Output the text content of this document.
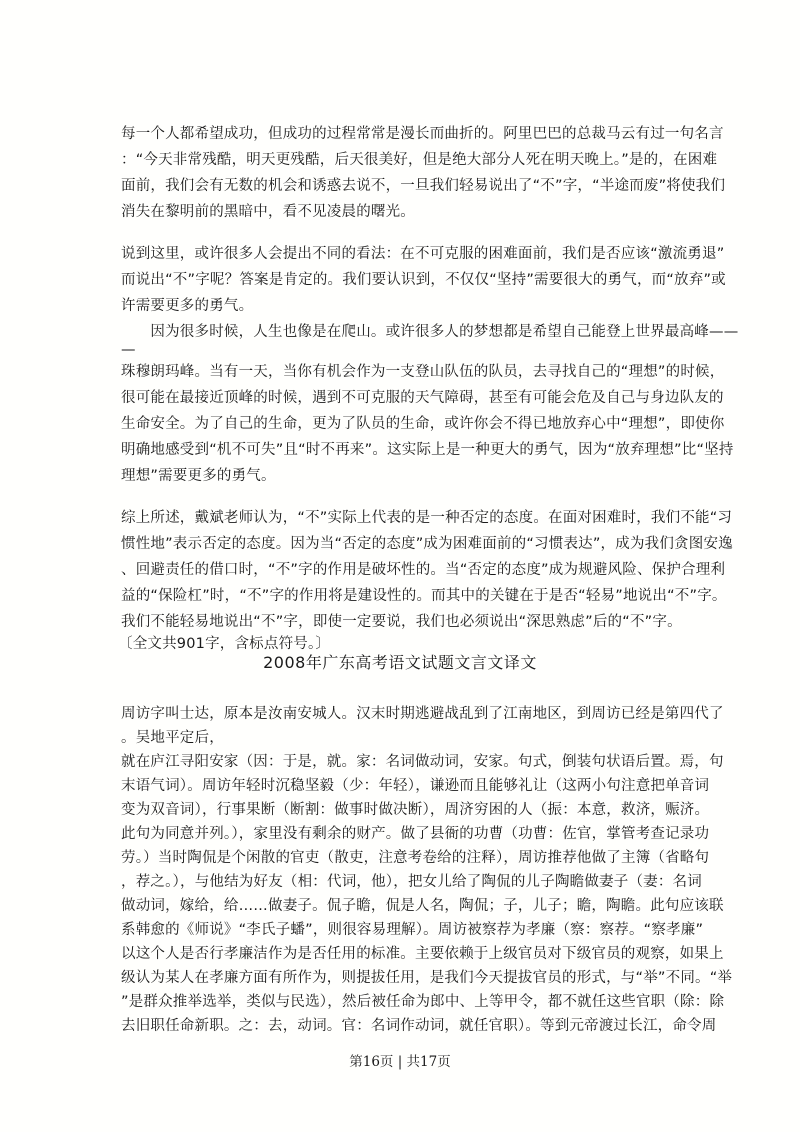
每一个人都希望成功，但成功的过程常常是漫长而曲折的。阿里巴巴的总裁马云有过一句名言
：“今天非常残酷，明天更残酷，后天很美好，但是绝大部分人死在明天晚上。”是的，在困难
面前，我们会有无数的机会和诱惑去说不，一旦我们轻易说出了“不”字，“半途而废”将使我们
消失在黎明前的黑暗中，看不见凌晨的曙光。
说到这里，或许很多人会提出不同的看法：在不可克服的困难面前，我们是否应该“激流勇退”
而说出“不”字呢？答案是肯定的。我们要认识到，不仅仅“坚持”需要很大的勇气，而“放弃”或
许需要更多的勇气。
　　因为很多时候，人生也像是在爬山。或许很多人的梦想都是希望自己能登上世界最高峰——
—
珠穆朗玛峰。当有一天，当你有机会作为一支登山队伍的队员，去寻找自己的“理想”的时候，
很可能在最接近顶峰的时候，遇到不可克服的天气障碍，甚至有可能会危及自己与身边队友的
生命安全。为了自己的生命，更为了队员的生命，或许你会不得已地放弃心中“理想”，即使你
明确地感受到“机不可失”且“时不再来”。这实际上是一种更大的勇气，因为“放弃理想”比“坚持
理想”需要更多的勇气。
综上所述，戴斌老师认为，“不”实际上代表的是一种否定的态度。在面对困难时，我们不能“习
惯性地”表示否定的态度。因为当“否定的态度”成为困难面前的“习惯表达”，成为我们贪图安逸
、回避责任的借口时，“不”字的作用是破坏性的。当“否定的态度”成为规避风险、保护合理利
益的“保险杠”时，“不”字的作用将是建设性的。而其中的关键在于是否“轻易”地说出“不”字。
我们不能轻易地说出“不”字，即使一定要说，我们也必须说出“深思熟虑”后的“不”字。
〔全文共901字，含标点符号。〕
2008年广东高考语文试题文言文译文
周访字叫士达，原本是汝南安城人。汉末时期逃避战乱到了江南地区，到周访已经是第四代了
。吴地平定后，
就在庐江寻阳安家（因：于是，就。家：名词做动词，安家。句式，倒装句状语后置。焉，句
末语气词）。周访年轻时沉稳坚毅（少：年轻），谦逊而且能够礼让（这两小句注意把单音词
变为双音词），行事果断（断割：做事时做决断），周济穷困的人（振：本意，救济，赈济。
此句为同意并列。），家里没有剩余的财产。做了县衙的功曹（功曹：佐官，掌管考查记录功
劳。）当时陶侃是个闲散的官吏（散吏，注意考卷给的注释），周访推荐他做了主簿（省略句
，荐之。），与他结为好友（相：代词，他），把女儿给了陶侃的儿子陶瞻做妻子（妻：名词
做动词，嫁给，给……做妻子。侃子瞻，侃是人名，陶侃；子，儿子；瞻，陶瞻。此句应该联
系韩愈的《师说》“李氏子蟠”，则很容易理解）。周访被察荐为孝廉（察：察荐。“察孝廉”
以这个人是否行孝廉洁作为是否任用的标准。主要依赖于上级官员对下级官员的观察，如果上
级认为某人在孝廉方面有所作为，则提拔任用，是我们今天提拔官员的形式，与“举”不同。“举
”是群众推举选举，类似与民选），然后被任命为郎中、上等甲令，都不就任这些官职（除：除
去旧职任命新职。之：去，动词。官：名词作动词，就任官职）。等到元帝渡过长江，命令周
第16页 | 共17页
